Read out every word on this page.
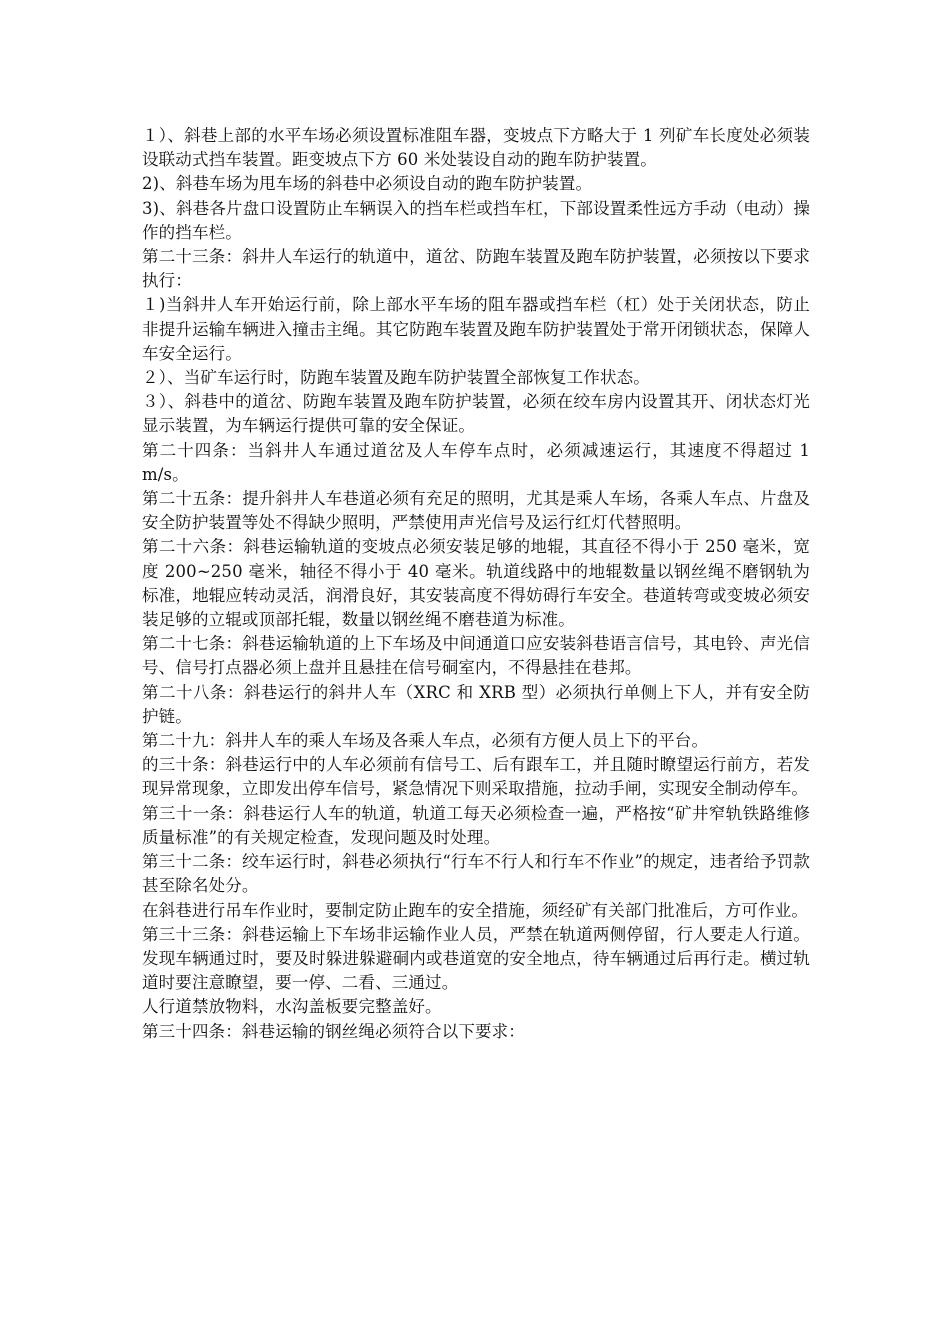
１）、斜巷上部的水平车场必须设置标准阻车器，变坡点下方略大于 1 列矿车长度处必须装设联动式挡车装置。距变坡点下方 60 米处装设自动的跑车防护装置。

2)、斜巷车场为甩车场的斜巷中必须设自动的跑车防护装置。

3)、斜巷各片盘口设置防止车辆误入的挡车栏或挡车杠，下部设置柔性远方手动（电动）操作的挡车栏。

第二十三条：斜井人车运行的轨道中，道岔、防跑车装置及跑车防护装置，必须按以下要求执行：

１)当斜井人车开始运行前，除上部水平车场的阻车器或挡车栏（杠）处于关闭状态，防止非提升运输车辆进入撞击主绳。其它防跑车装置及跑车防护装置处于常开闭锁状态，保障人车安全运行。

２）、当矿车运行时，防跑车装置及跑车防护装置全部恢复工作状态。

３）、斜巷中的道岔、防跑车装置及跑车防护装置，必须在绞车房内设置其开、闭状态灯光显示装置，为车辆运行提供可靠的安全保证。

第二十四条：当斜井人车通过道岔及人车停车点时，必须减速运行，其速度不得超过 1 m/s。

第二十五条：提升斜井人车巷道必须有充足的照明，尤其是乘人车场，各乘人车点、片盘及安全防护装置等处不得缺少照明，严禁使用声光信号及运行红灯代替照明。

第二十六条：斜巷运输轨道的变坡点必须安装足够的地辊，其直径不得小于 250 毫米，宽度 200~250 毫米，轴径不得小于 40 毫米。轨道线路中的地辊数量以钢丝绳不磨钢轨为标准，地辊应转动灵活，润滑良好，其安装高度不得妨碍行车安全。巷道转弯或变坡必须安装足够的立辊或顶部托辊，数量以钢丝绳不磨巷道为标准。

第二十七条：斜巷运输轨道的上下车场及中间通道口应安装斜巷语言信号，其电铃、声光信号、信号打点器必须上盘并且悬挂在信号硐室内，不得悬挂在巷邦。

第二十八条：斜巷运行的斜井人车（XRC 和 XRB 型）必须执行单侧上下人，并有安全防护链。

第二十九：斜井人车的乘人车场及各乘人车点，必须有方便人员上下的平台。

的三十条：斜巷运行中的人车必须前有信号工、后有跟车工，并且随时瞭望运行前方，若发现异常现象，立即发出停车信号，紧急情况下则采取措施，拉动手闸，实现安全制动停车。

第三十一条：斜巷运行人车的轨道，轨道工每天必须检查一遍，严格按“矿井窄轨铁路维修质量标准”的有关规定检查，发现问题及时处理。

第三十二条：绞车运行时，斜巷必须执行“行车不行人和行车不作业”的规定，违者给予罚款甚至除名处分。

在斜巷进行吊车作业时，要制定防止跑车的安全措施，须经矿有关部门批准后，方可作业。

第三十三条：斜巷运输上下车场非运输作业人员，严禁在轨道两侧停留，行人要走人行道。发现车辆通过时，要及时躲进躲避硐内或巷道宽的安全地点，待车辆通过后再行走。横过轨道时要注意瞭望，要一停、二看、三通过。

人行道禁放物料，水沟盖板要完整盖好。

第三十四条：斜巷运输的钢丝绳必须符合以下要求：
